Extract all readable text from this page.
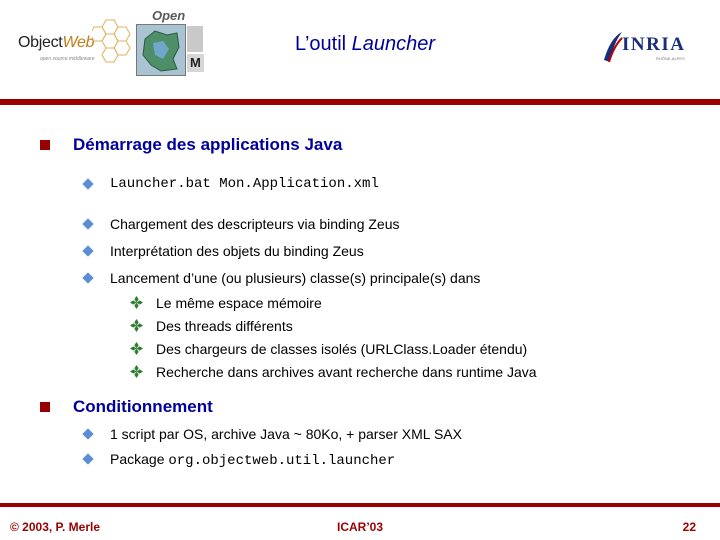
ObjectWeb
open source middleware
Open
M
L’outil Launcher	INRIA
RHÔNE-ALPES
Démarrage des applications Java
Launcher.bat Mon.Application.xml
Chargement des descripteurs via binding Zeus
Interprétation des objets du binding Zeus
Lancement d’une (ou plusieurs) classe(s) principale(s) dans
Le même espace mémoire
Des threads différents
Des chargeurs de classes isolés (URLClass.Loader étendu)
Recherche dans archives avant recherche dans runtime Java
Conditionnement
1 script par OS, archive Java ~ 80Ko, + parser XML SAX
Package org.objectweb.util.launcher
© 2003, P. Merle	ICAR’03	22
